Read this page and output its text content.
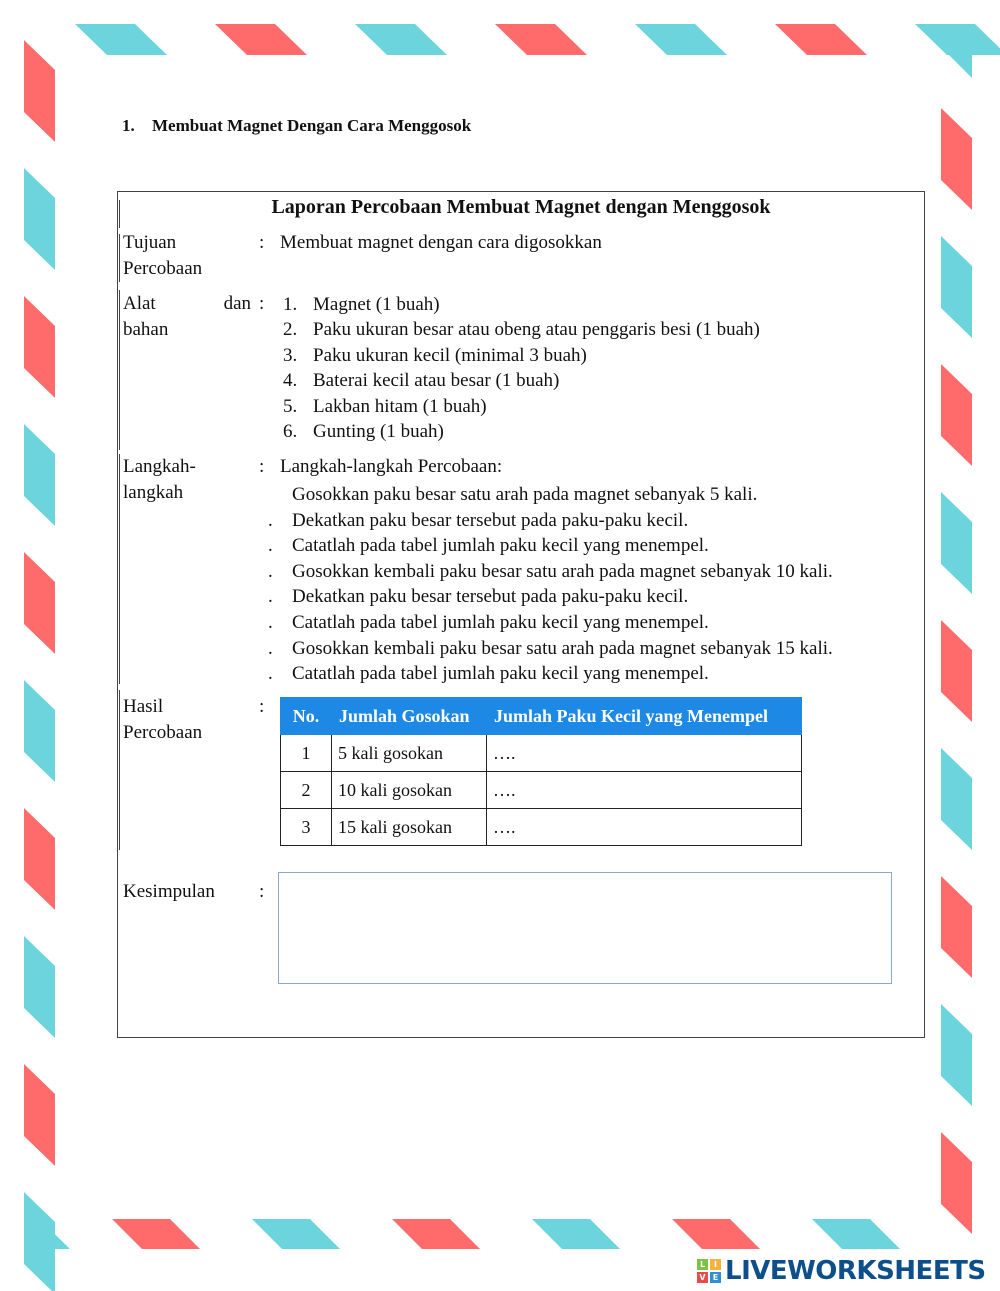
1. Membuat Magnet Dengan Cara Menggosok
Laporan Percobaan Membuat Magnet dengan Menggosok
Tujuan
Percobaan
: Membuat magnet dengan cara digosokkan
Alat	dan
bahan
: 1. Magnet (1 buah)
2. Paku ukuran besar atau obeng atau penggaris besi (1 buah)
3. Paku ukuran kecil (minimal 3 buah)
4. Baterai kecil atau besar (1 buah)
5. Lakban hitam (1 buah)
6. Gunting (1 buah)
Langkah-
langkah
: Langkah-langkah Percobaan:
Gosokkan paku besar satu arah pada magnet sebanyak 5 kali.
. Dekatkan paku besar tersebut pada paku-paku kecil.
. Catatlah pada tabel jumlah paku kecil yang menempel.
. Gosokkan kembali paku besar satu arah pada magnet sebanyak 10 kali.
. Dekatkan paku besar tersebut pada paku-paku kecil.
. Catatlah pada tabel jumlah paku kecil yang menempel.
. Gosokkan kembali paku besar satu arah pada magnet sebanyak 15 kali.
. Catatlah pada tabel jumlah paku kecil yang menempel.
Hasil
Percobaan
: No.	Jumlah Gosokan	Jumlah Paku Kecil yang Menempel
1	5 kali gosokan	….
2	10 kali gosokan	….
3	15 kali gosokan	….
Kesimpulan	:
L	I
V E LIVEWORKSHEETS
